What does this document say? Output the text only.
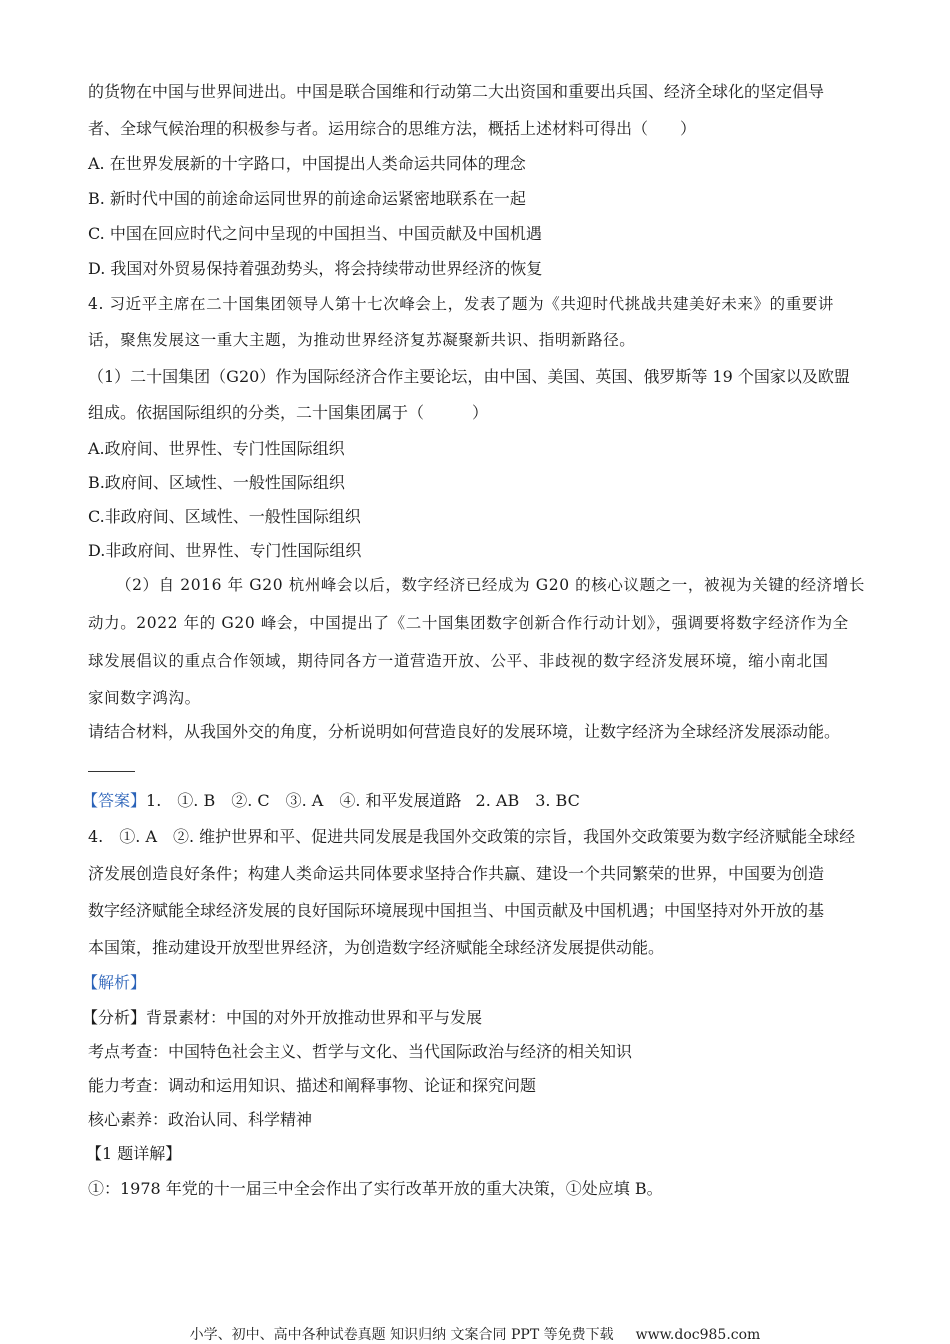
的货物在中国与世界间进出。中国是联合国维和行动第二大出资国和重要出兵国、经济全球化的坚定倡导
者、全球气候治理的积极参与者。运用综合的思维方法，概括上述材料可得出（　　）
A. 在世界发展新的十字路口，中国提出人类命运共同体的理念
B. 新时代中国的前途命运同世界的前途命运紧密地联系在一起
C. 中国在回应时代之问中呈现的中国担当、中国贡献及中国机遇
D. 我国对外贸易保持着强劲势头，将会持续带动世界经济的恢复
4. 习近平主席在二十国集团领导人第十七次峰会上，发表了题为《共迎时代挑战共建美好未来》的重要讲
话，聚焦发展这一重大主题，为推动世界经济复苏凝聚新共识、指明新路径。
（1）二十国集团（G20）作为国际经济合作主要论坛，由中国、美国、英国、俄罗斯等 19 个国家以及欧盟
组成。依据国际组织的分类，二十国集团属于（　　　）
A.政府间、世界性、专门性国际组织
B.政府间、区域性、一般性国际组织
C.非政府间、区域性、一般性国际组织
D.非政府间、世界性、专门性国际组织
（2）自 2016 年 G20 杭州峰会以后，数字经济已经成为 G20 的核心议题之一，被视为关键的经济增长
动力。2022 年的 G20 峰会，中国提出了《二十国集团数字创新合作行动计划》，强调要将数字经济作为全
球发展倡议的重点合作领域，期待同各方一道营造开放、公平、非歧视的数字经济发展环境，缩小南北国
家间数字鸿沟。
请结合材料，从我国外交的角度，分析说明如何营造良好的发展环境，让数字经济为全球经济发展添动能。
【答案】1.　①. B　②. C　③. A　④. 和平发展道路 2. AB　3. BC
4.　①. A　②. 维护世界和平、促进共同发展是我国外交政策的宗旨，我国外交政策要为数字经济赋能全球经
济发展创造良好条件；构建人类命运共同体要求坚持合作共赢、建设一个共同繁荣的世界，中国要为创造
数字经济赋能全球经济发展的良好国际环境展现中国担当、中国贡献及中国机遇；中国坚持对外开放的基
本国策，推动建设开放型世界经济，为创造数字经济赋能全球经济发展提供动能。
【解析】
【分析】背景素材：中国的对外开放推动世界和平与发展
考点考查：中国特色社会主义、哲学与文化、当代国际政治与经济的相关知识
能力考查：调动和运用知识、描述和阐释事物、论证和探究问题
核心素养：政治认同、科学精神
【1 题详解】
①：1978 年党的十一届三中全会作出了实行改革开放的重大决策，①处应填 B。
小学、初中、高中各种试卷真题 知识归纳 文案合同 PPT 等免费下载 www.doc985.com
